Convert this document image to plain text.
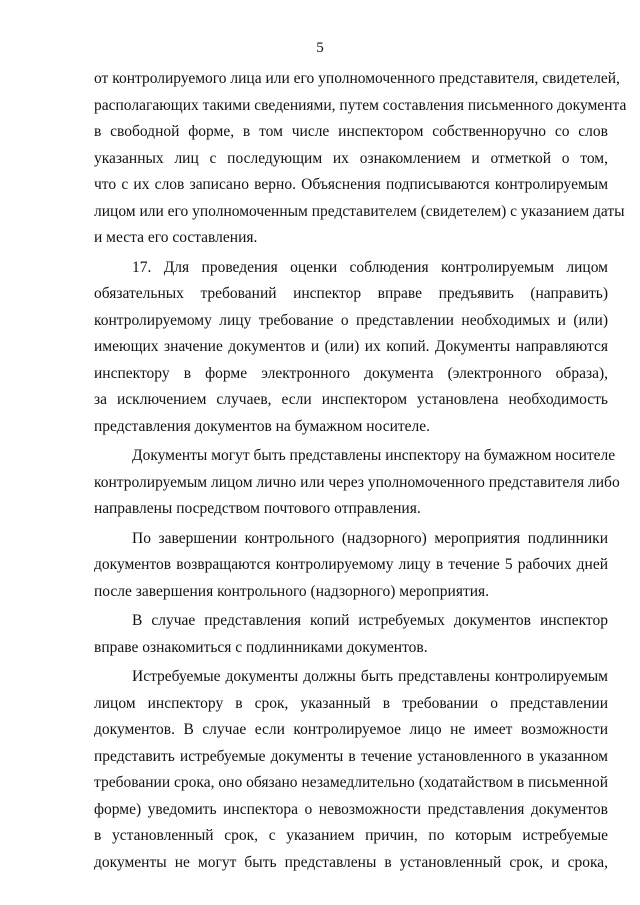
5
от контролируемого лица или его уполномоченного представителя, свидетелей,
располагающих такими сведениями, путем составления письменного документа
в свободной форме, в том числе инспектором собственноручно со слов
указанных лиц с последующим их ознакомлением и отметкой о том,
что с их слов записано верно. Объяснения подписываются контролируемым
лицом или его уполномоченным представителем (свидетелем) с указанием даты
и места его составления.
17. Для проведения оценки соблюдения контролируемым лицом
обязательных требований инспектор вправе предъявить (направить)
контролируемому лицу требование о представлении необходимых и (или)
имеющих значение документов и (или) их копий. Документы направляются
инспектору в форме электронного документа (электронного образа),
за исключением случаев, если инспектором установлена необходимость
представления документов на бумажном носителе.
Документы могут быть представлены инспектору на бумажном носителе
контролируемым лицом лично или через уполномоченного представителя либо
направлены посредством почтового отправления.
По завершении контрольного (надзорного) мероприятия подлинники
документов возвращаются контролируемому лицу в течение 5 рабочих дней
после завершения контрольного (надзорного) мероприятия.
В случае представления копий истребуемых документов инспектор
вправе ознакомиться с подлинниками документов.
Истребуемые документы должны быть представлены контролируемым
лицом инспектору в срок, указанный в требовании о представлении
документов. В случае если контролируемое лицо не имеет возможности
представить истребуемые документы в течение установленного в указанном
требовании срока, оно обязано незамедлительно (ходатайством в письменной
форме) уведомить инспектора о невозможности представления документов
в установленный срок, с указанием причин, по которым истребуемые
документы не могут быть представлены в установленный срок, и срока,
